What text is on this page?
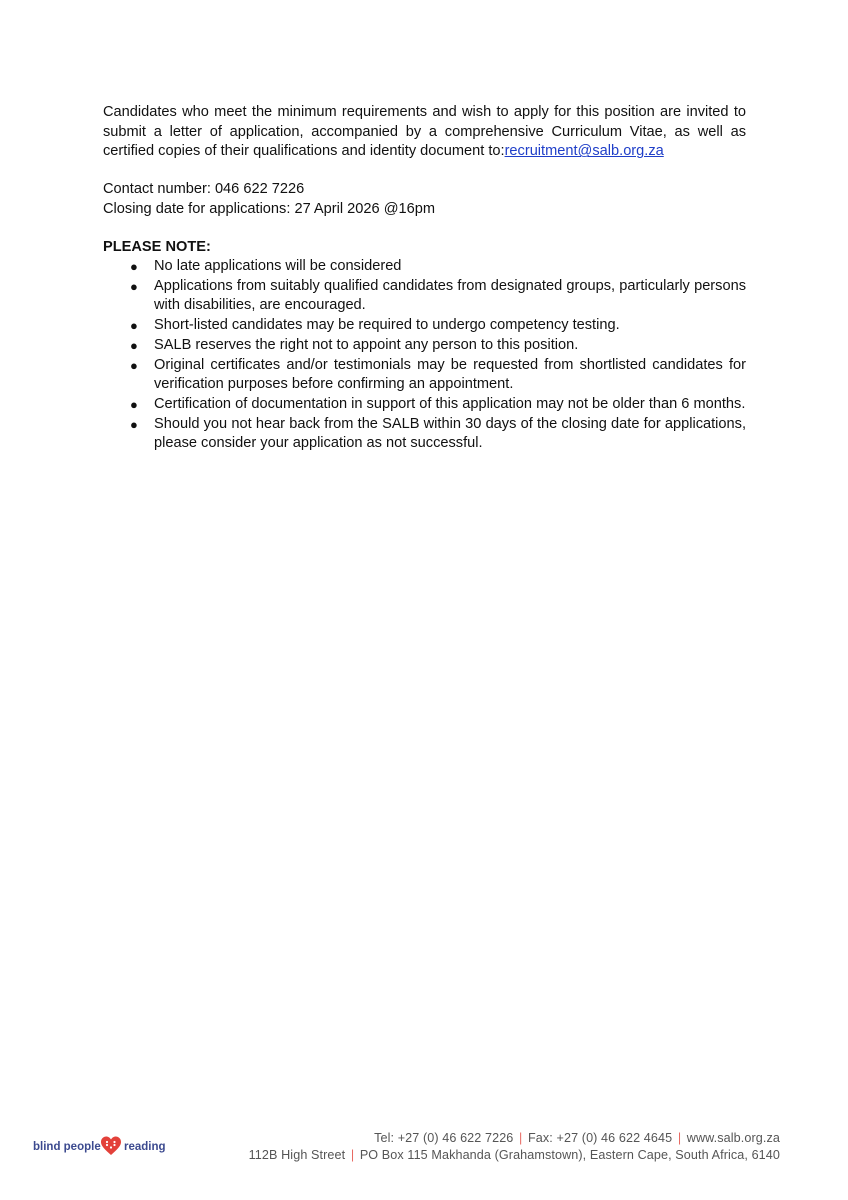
Candidates who meet the minimum requirements and wish to apply for this position are invited to submit a letter of application, accompanied by a comprehensive Curriculum Vitae, as well as certified copies of their qualifications and identity document to:recruitment@salb.org.za

Contact number: 046 622 7226

Closing date for applications: 27 April 2026 @16pm

PLEASE NOTE:
● No late applications will be considered
● Applications from suitably qualified candidates from designated groups, particularly persons with disabilities, are encouraged.
● Short-listed candidates may be required to undergo competency testing.
● SALB reserves the right not to appoint any person to this position.
● Original certificates and/or testimonials may be requested from shortlisted candidates for verification purposes before confirming an appointment.
● Certification of documentation in support of this application may not be older than 6 months.
● Should you not hear back from the SALB within 30 days of the closing date for applications, please consider your application as not successful.
blind people reading
Tel: +27 (0) 46 622 7226 | Fax: +27 (0) 46 622 4645 | www.salb.org.za
112B High Street | PO Box 115 Makhanda (Grahamstown), Eastern Cape, South Africa, 6140
